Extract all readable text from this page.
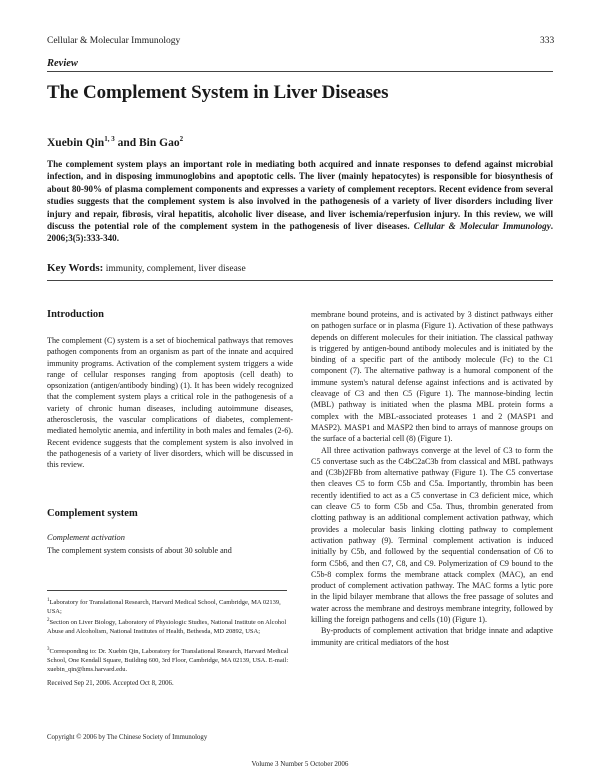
Cellular & Molecular Immunology	333
Review
The Complement System in Liver Diseases
Xuebin Qin$^{1, 3}$ and Bin Gao$^2$
The complement system plays an important role in mediating both acquired and innate responses to defend against microbial infection, and in disposing immunoglobins and apoptotic cells. The liver (mainly hepatocytes) is responsible for biosynthesis of about 80-90% of plasma complement components and expresses a variety of complement receptors. Recent evidence from several studies suggests that the complement system is also involved in the pathogenesis of a variety of liver disorders including liver injury and repair, fibrosis, viral hepatitis, alcoholic liver disease, and liver ischemia/reperfusion injury. In this review, we will discuss the potential role of the complement system in the pathogenesis of liver diseases. Cellular & Molecular Immunology. 2006;3(5):333-340.
Key Words: immunity, complement, liver disease
Introduction

The complement (C) system is a set of biochemical pathways that removes pathogen components from an organism as part of the innate and acquired immunity programs. Activation of the complement system triggers a wide range of cellular responses ranging from apoptosis (cell death) to opsonization (antigen/antibody binding) (1). It has been widely recognized that the complement system plays a critical role in the pathogenesis of a variety of chronic human diseases, including autoimmune diseases, atherosclerosis, the vascular complications of diabetes, complement-mediated hemolytic anemia, and infertility in both males and females (2-6). Recent evidence suggests that the complement system is also involved in the pathogenesis of a variety of liver disorders, which will be discussed in this review.

Complement system
Complement activation

The complement system consists of about 30 soluble and

$^1$Laboratory for Translational Research, Harvard Medical School, Cambridge, MA 02139, USA;
$^2$Section on Liver Biology, Laboratory of Physiologic Studies, National Institute on Alcohol Abuse and Alcoholism, National Institutes of Health, Bethesda, MD 20892, USA;
$^3$Corresponding to: Dr. Xuebin Qin, Laboratory for Translational Research, Harvard Medical School, One Kendall Square, Building 600, 3rd Floor, Cambridge, MA 02139, USA. E-mail: xuebin_qin@hms.harvard.edu.
Received Sep 21, 2006. Accepted Oct 8, 2006.
Copyright © 2006 by The Chinese Society of Immunology

membrane bound proteins, and is activated by 3 distinct pathways either on pathogen surface or in plasma (Figure 1). Activation of these pathways depends on different molecules for their initiation. The classical pathway is triggered by antigen-bound antibody molecules and is initiated by the binding of a specific part of the antibody molecule (Fc) to the C1 component (7). The alternative pathway is a humoral component of the immune system's natural defense against infections and is activated by cleavage of C3 and then C5 (Figure 1). The mannose-binding lectin (MBL) pathway is initiated when the plasma MBL protein forms a complex with the MBL-associated proteases 1 and 2 (MASP1 and MASP2). MASP1 and MASP2 then bind to arrays of mannose groups on the surface of a bacterial cell (8) (Figure 1).

All three activation pathways converge at the level of C3 to form the C5 convertase such as the C4bC2aC3b from classical and MBL pathways and (C3b)2FBb from alternative pathway (Figure 1). The C5 convertase then cleaves C5 to form C5b and C5a. Importantly, thrombin has been recently identified to act as a C5 convertase in C3 deficient mice, which can cleave C5 to form C5b and C5a. Thus, thrombin generated from clotting pathway is an additional complement activation pathway, which provides a molecular basis linking clotting pathway to complement activation pathway (9). Terminal complement activation is induced initially by C5b, and followed by the sequential condensation of C6 to form C5b6, and then C7, C8, and C9. Polymerization of C9 bound to the C5b-8 complex forms the membrane attack complex (MAC), an end product of complement activation pathway. The MAC forms a lytic pore in the lipid bilayer membrane that allows the free passage of solutes and water across the membrane and destroys membrane integrity, followed by killing the foreign pathogens and cells (10) (Figure 1).

By-products of complement activation that bridge innate and adaptive immunity are critical mediators of the host

Volume 3 Number 5 October 2006
